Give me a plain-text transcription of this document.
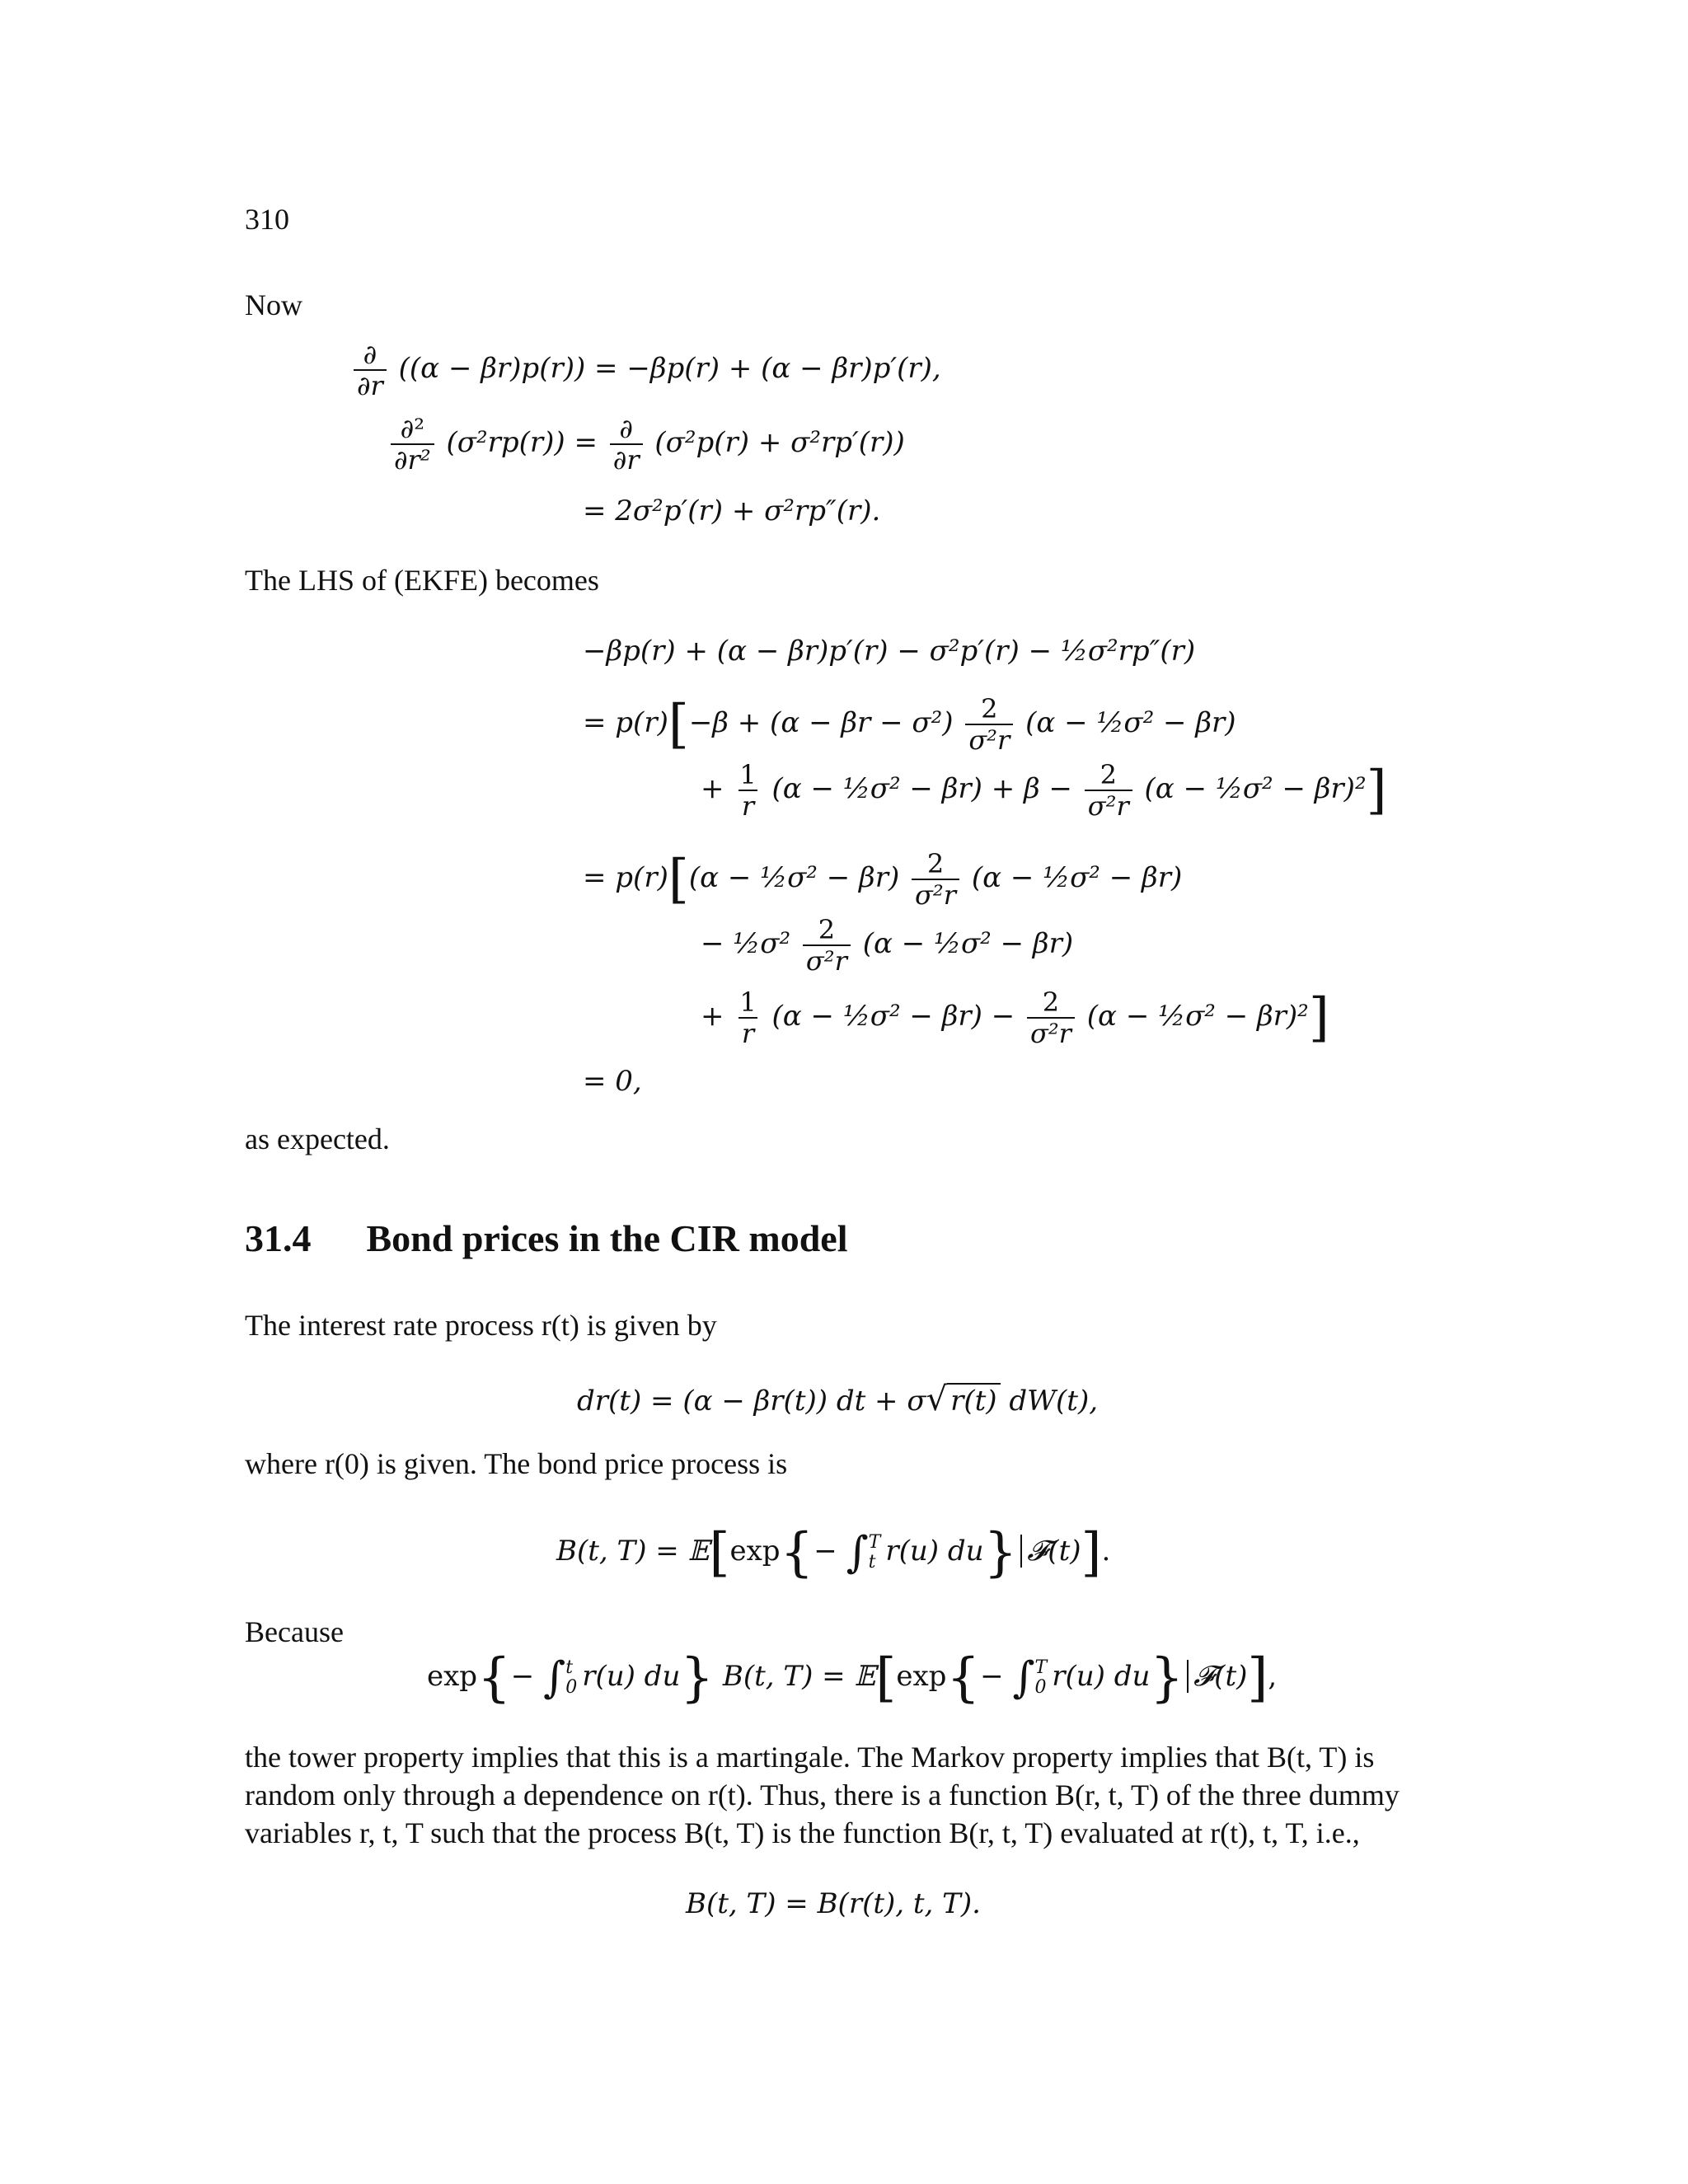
310
Now
$\frac{\partial}{\partial r} ((\alpha - \beta r)p(r)) = -\beta p(r) + (\alpha - \beta r)p'(r)$,
$\frac{\text{∂²}}{\text{∂r²}} (\sigma^2rp(r)) = \frac{\partial}{\partial r} (\sigma^2p(r) + \sigma^2rp'(r))$
= 2σ²p′(r) + σ²rp″(r).
The LHS of (EKFE) becomes
−βp(r) + (α − βr)p′(r) − σ²p′(r) − ½σ²rp″(r)
= $p(r)[-\beta + (\alpha - \beta r - \sigma^2) \frac{2}{\text{σ²r}} (\alpha$ − ½σ² − βr)
+ $\frac{1}{r} (\alpha$ − ½σ² − $\beta r) + \beta - \frac{2}{\text{σ²r}} (\alpha$ − ½σ² − βr)²]
= p(r)[(α − ½σ² − $\beta r) \frac{2}{\text{σ²r}} (\alpha$ − ½σ² − βr)
− ½σ² $\frac{2}{\text{σ²r}} (\alpha$ − ½σ² − βr)
+ $\frac{1}{r} (\alpha$ − ½σ² − $\beta r) - \frac{2}{\text{σ²r}} (\alpha$ − ½σ² − βr)²]
= 0,
as expected.
31.4 Bond prices in the CIR model
The interest rate process r(t) is given by
dr(t) = (α − βr(t)) dt + σ√ r(t) dW(t),
where r(0) is given. The bond price process is
B(t, T) = 𝔼[exp{− ∫ T
t r(u) du} 𝓕(t)].
Because
exp{− ∫ t
0 r(u) du} B(t, T) = 𝔼[exp{− ∫ T
0 r(u) du} 𝓕(t)],
the tower property implies that this is a martingale. The Markov property implies that B(t, T) is
random only through a dependence on r(t). Thus, there is a function B(r, t, T) of the three dummy
variables r, t, T such that the process B(t, T) is the function B(r, t, T) evaluated at r(t), t, T, i.e.,
B(t, T) = B(r(t), t, T).
